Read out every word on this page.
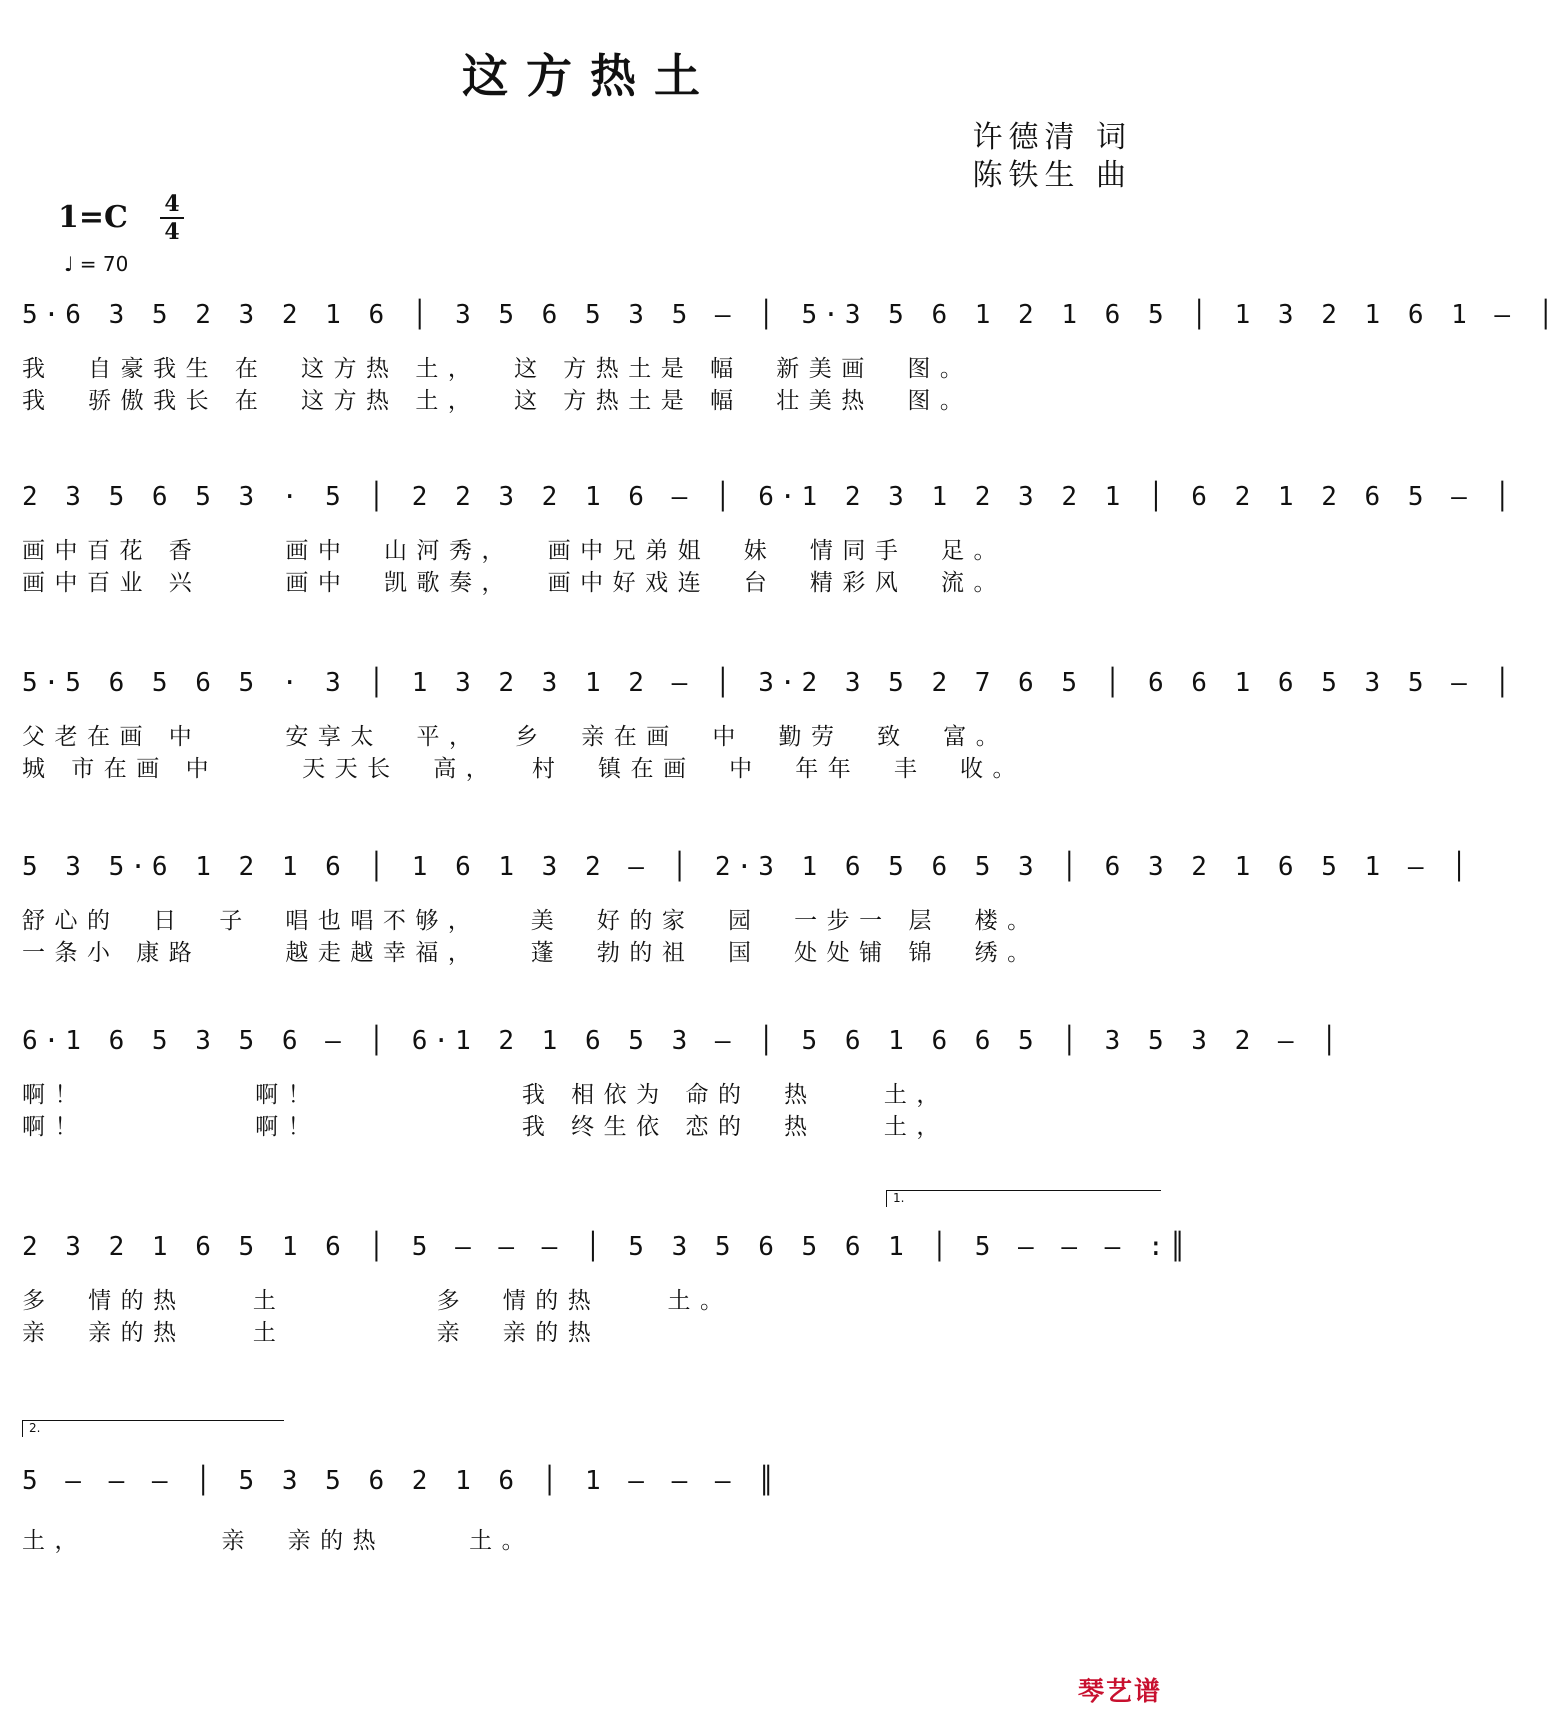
这方热土
许德清 词
陈铁生 曲
1=C 4
4
♩ = 70
5·6 3 5 2 3 2 1 6 │ 3 5 6 5 3 5 – │ 5·3 5 6 1 2 1 6 5 │ 1 3 2 1 6 1 – │
我  自豪我生 在  这方热 土，  这 方热土是 幅  新美画  图。
我  骄傲我长 在  这方热 土，  这 方热土是 幅  壮美热  图。
2 3 5 6 5 3 · 5 │ 2 2 3 2 1 6 – │ 6·1 2 3 1 2 3 2 1 │ 6 2 1 2 6 5 – │
画中百花 香     画中  山河秀，  画中兄弟姐  妹  情同手  足。
画中百业 兴     画中  凯歌奏，  画中好戏连  台  精彩风  流。
5·5 6 5 6 5 · 3 │ 1 3 2 3 1 2 – │ 3·2 3 5 2 7 6 5 │ 6 6 1 6 5 3 5 – │
父老在画 中     安享太  平，  乡  亲在画  中  勤劳  致  富。
城 市在画 中     天天长  高，  村  镇在画  中  年年  丰  收。
5 3 5·6 1 2 1 6 │ 1 6 1 3 2 – │ 2·3 1 6 5 6 5 3 │ 6 3 2 1 6 5 1 – │
舒心的  日  子  唱也唱不够，   美  好的家  园  一步一 层  楼。
一条小 康路     越走越幸福，   蓬  勃的祖  国  处处铺 锦  绣。
6·1 6 5 3 5 6 – │ 6·1 2 1 6 5 3 – │ 5 6 1 6 6 5 │ 3 5 3 2 – │
啊！          啊！            我 相依为 命的  热    土，
啊！          啊！            我 终生依 恋的  热    土，
1.
2 3 2 1 6 5 1 6 │ 5 – – – │ 5 3 5 6 5 6 1 │ 5 – – – :║
多  情的热    土         多  情的热    土。
亲  亲的热    土         亲  亲的热
2.
5 – – – │ 5 3 5 6 2 1 6 │ 1 – – – ║
土，        亲  亲的热     土。
琴艺谱
